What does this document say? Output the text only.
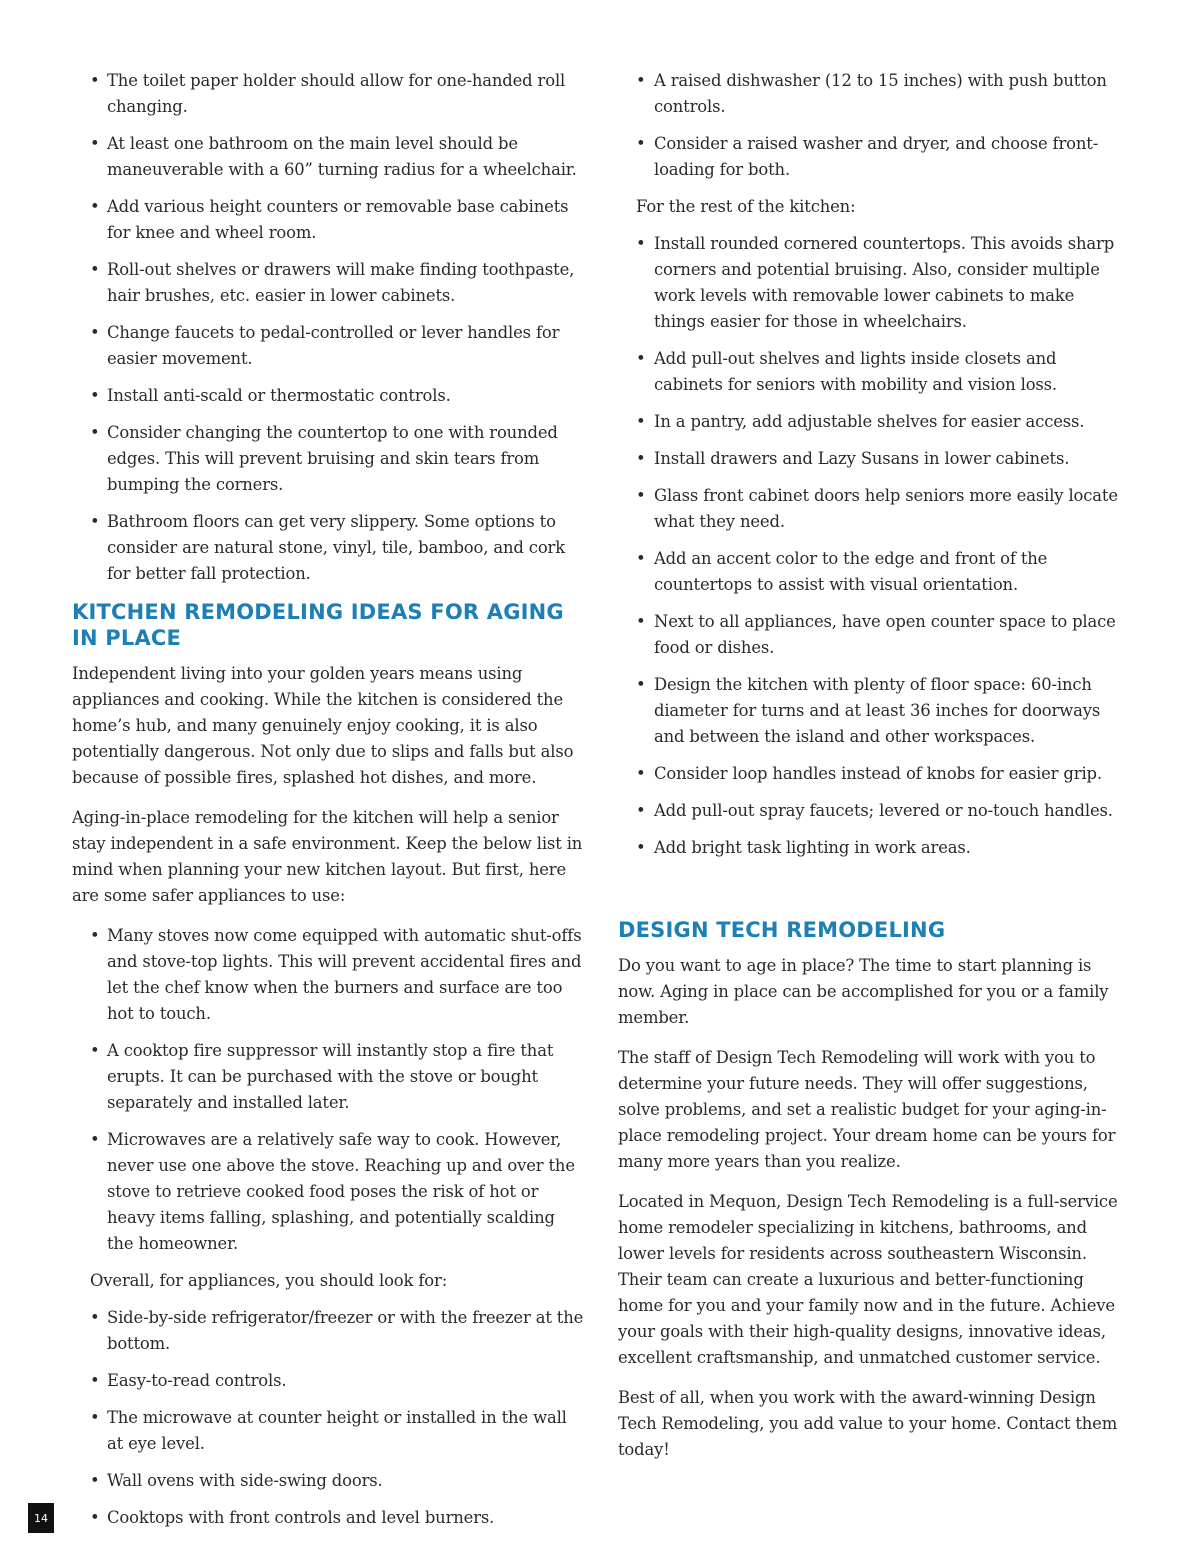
• The toilet paper holder should allow for one-handed roll changing.
• At least one bathroom on the main level should be maneuverable with a 60” turning radius for a wheelchair.
• Add various height counters or removable base cabinets for knee and wheel room.
• Roll-out shelves or drawers will make finding toothpaste, hair brushes, etc. easier in lower cabinets.
• Change faucets to pedal-controlled or lever handles for easier movement.
• Install anti-scald or thermostatic controls.
• Consider changing the countertop to one with rounded edges. This will prevent bruising and skin tears from bumping the corners.
• Bathroom floors can get very slippery. Some options to consider are natural stone, vinyl, tile, bamboo, and cork for better fall protection.
KITCHEN REMODELING IDEAS FOR AGING IN PLACE

Independent living into your golden years means using appliances and cooking. While the kitchen is considered the home’s hub, and many genuinely enjoy cooking, it is also potentially dangerous. Not only due to slips and falls but also because of possible fires, splashed hot dishes, and more.

Aging-in-place remodeling for the kitchen will help a senior stay independent in a safe environment. Keep the below list in mind when planning your new kitchen layout. But first, here are some safer appliances to use:

• Many stoves now come equipped with automatic shut-offs and stove-top lights. This will prevent accidental fires and let the chef know when the burners and surface are too hot to touch.
• A cooktop fire suppressor will instantly stop a fire that erupts. It can be purchased with the stove or bought separately and installed later.
• Microwaves are a relatively safe way to cook. However, never use one above the stove. Reaching up and over the stove to retrieve cooked food poses the risk of hot or heavy items falling, splashing, and potentially scalding the homeowner.
Overall, for appliances, you should look for:
• Side-by-side refrigerator/freezer or with the freezer at the bottom.
• Easy-to-read controls.
• The microwave at counter height or installed in the wall at eye level.
• Wall ovens with side-swing doors.
• Cooktops with front controls and level burners.
• A raised dishwasher (12 to 15 inches) with push button controls.
• Consider a raised washer and dryer, and choose front-loading for both.
For the rest of the kitchen:
• Install rounded cornered countertops. This avoids sharp corners and potential bruising. Also, consider multiple work levels with removable lower cabinets to make things easier for those in wheelchairs.
• Add pull-out shelves and lights inside closets and cabinets for seniors with mobility and vision loss.
• In a pantry, add adjustable shelves for easier access.
• Install drawers and Lazy Susans in lower cabinets.
• Glass front cabinet doors help seniors more easily locate what they need.
• Add an accent color to the edge and front of the countertops to assist with visual orientation.
• Next to all appliances, have open counter space to place food or dishes.
• Design the kitchen with plenty of floor space: 60-inch diameter for turns and at least 36 inches for doorways and between the island and other workspaces.
• Consider loop handles instead of knobs for easier grip.
• Add pull-out spray faucets; levered or no-touch handles.
• Add bright task lighting in work areas.
DESIGN TECH REMODELING

Do you want to age in place? The time to start planning is now. Aging in place can be accomplished for you or a family member.

The staff of Design Tech Remodeling will work with you to determine your future needs. They will offer suggestions, solve problems, and set a realistic budget for your aging-in-place remodeling project. Your dream home can be yours for many more years than you realize.

Located in Mequon, Design Tech Remodeling is a full-service home remodeler specializing in kitchens, bathrooms, and lower levels for residents across southeastern Wisconsin. Their team can create a luxurious and better-functioning home for you and your family now and in the future. Achieve your goals with their high-quality designs, innovative ideas, excellent craftsmanship, and unmatched customer service.

Best of all, when you work with the award-winning Design Tech Remodeling, you add value to your home. Contact them today!

14
